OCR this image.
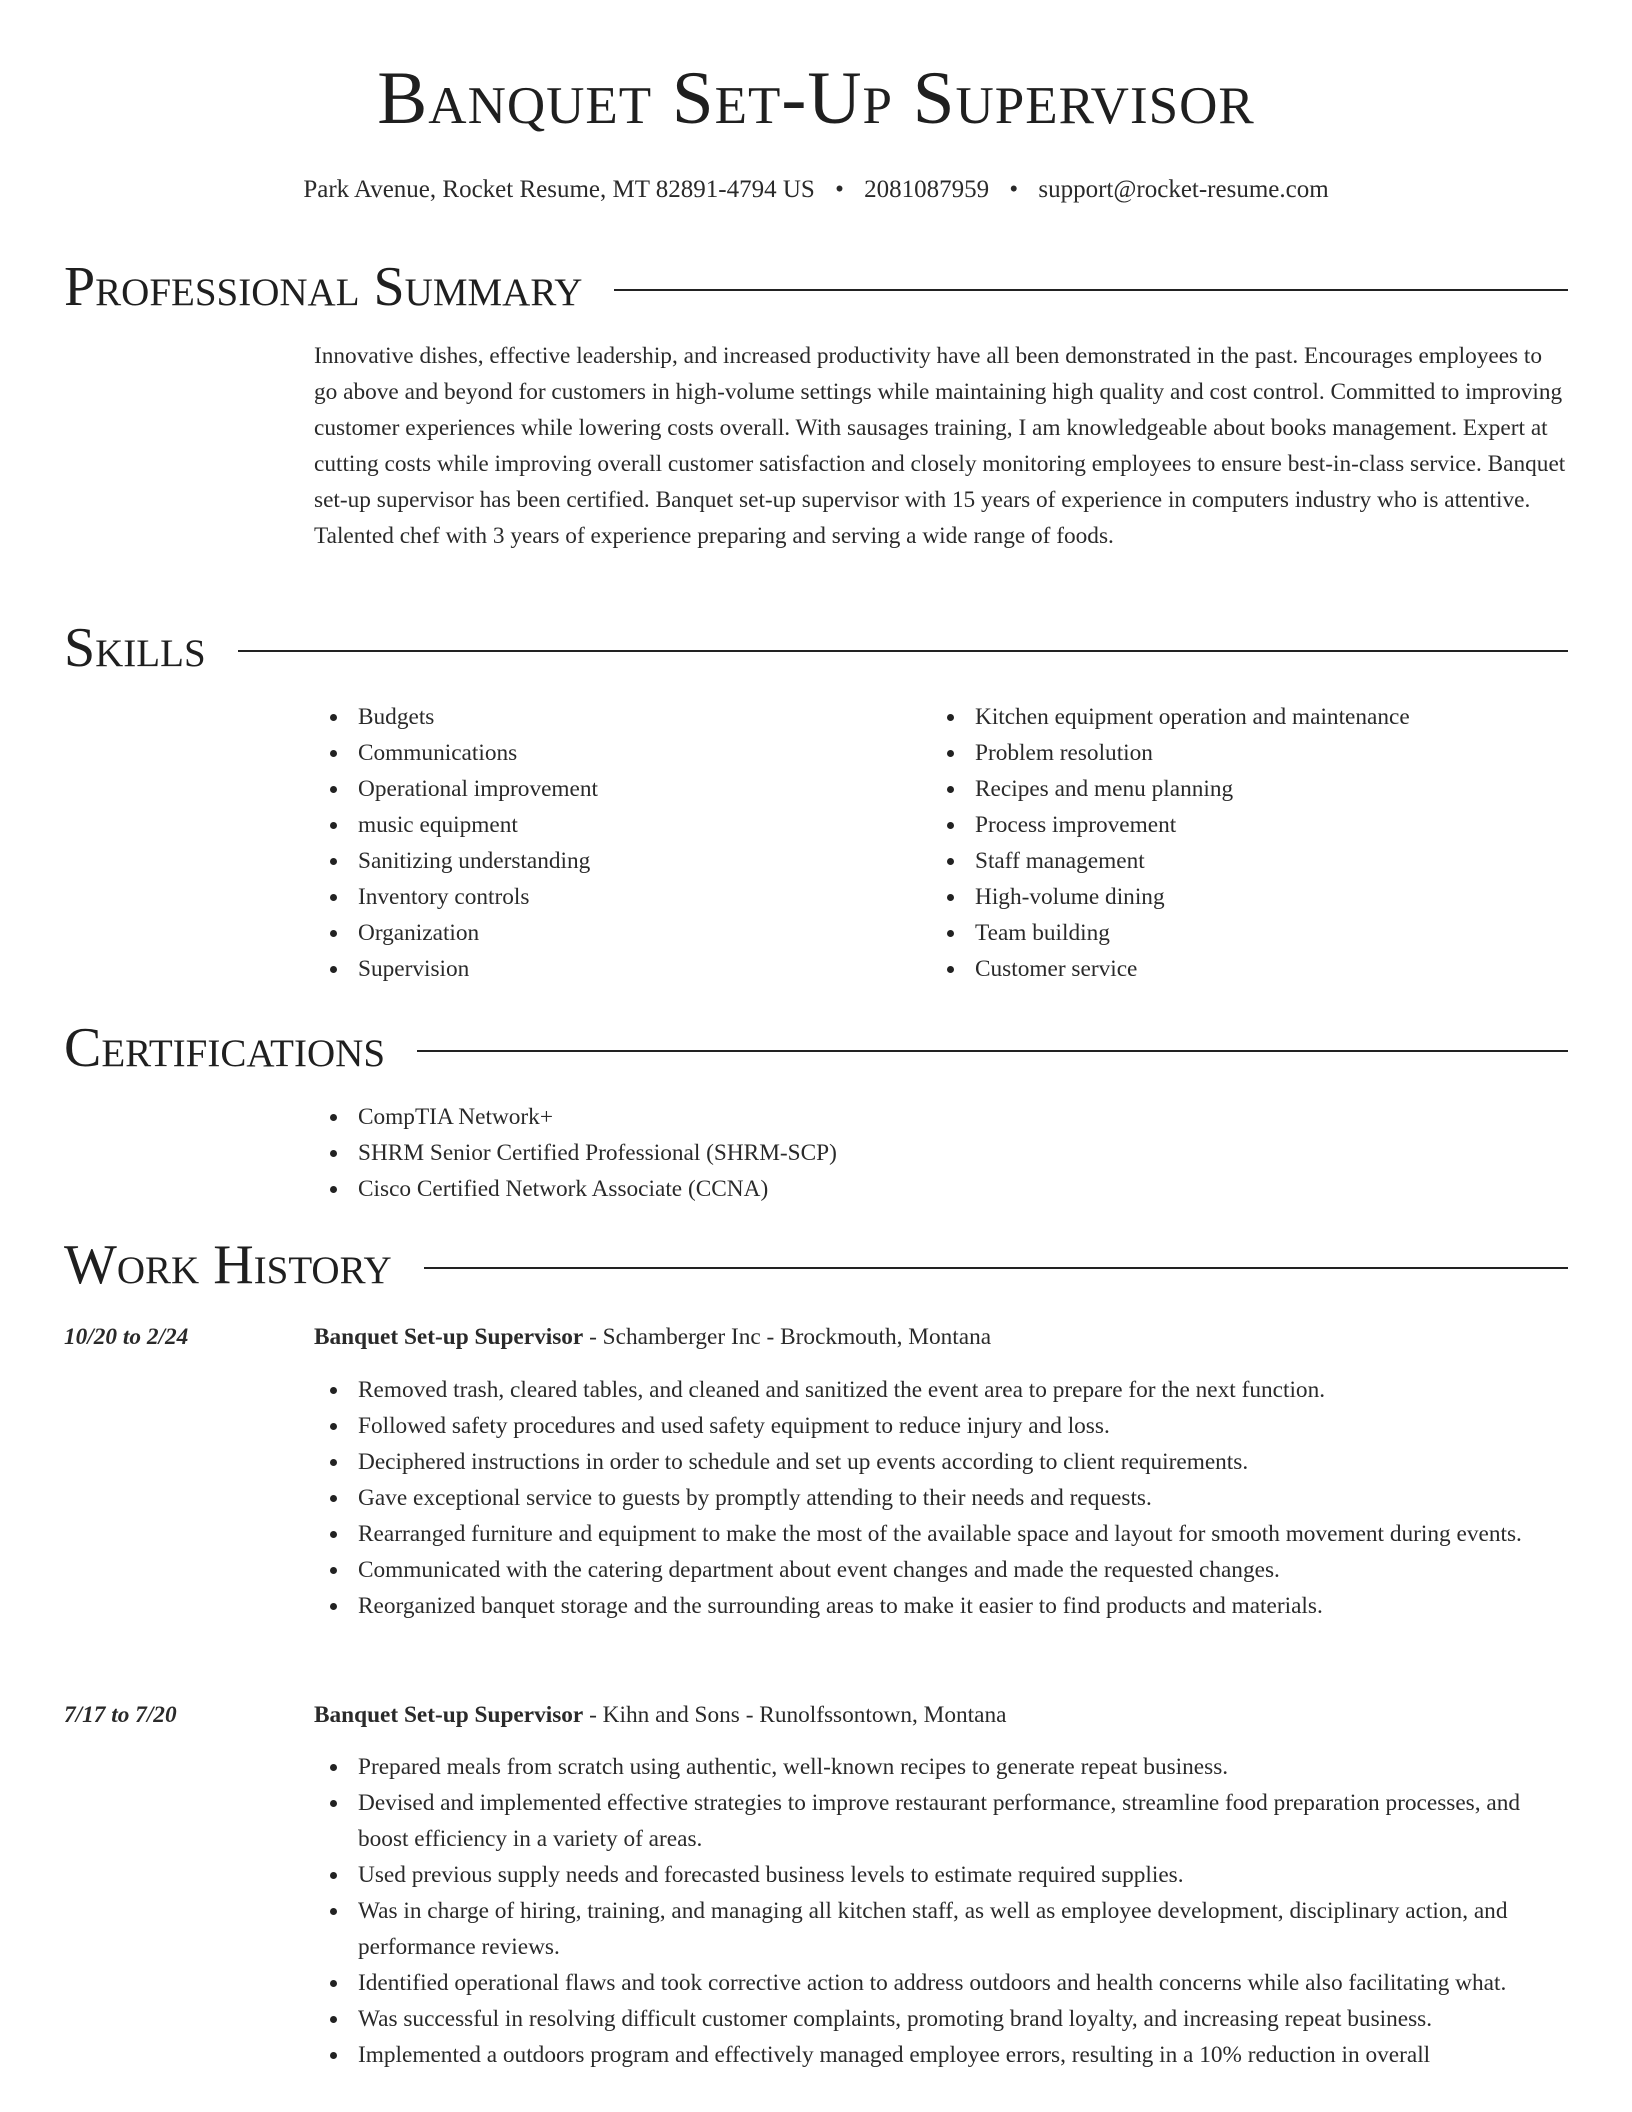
Banquet Set-Up Supervisor
Park Avenue, Rocket Resume, MT 82891-4794 US • 2081087959 • support@rocket-resume.com
Professional Summary

Innovative dishes, effective leadership, and increased productivity have all been demonstrated in the past. Encourages employees to go above and beyond for customers in high-volume settings while maintaining high quality and cost control. Committed to improving customer experiences while lowering costs overall. With sausages training, I am knowledgeable about books management. Expert at cutting costs while improving overall customer satisfaction and closely monitoring employees to ensure best-in-class service. Banquet set-up supervisor has been certified. Banquet set-up supervisor with 15 years of experience in computers industry who is attentive. Talented chef with 3 years of experience preparing and serving a wide range of foods.

Skills
Budgets
Communications
Operational improvement
music equipment
Sanitizing understanding
Inventory controls
Organization
Supervision
Kitchen equipment operation and maintenance
Problem resolution
Recipes and menu planning
Process improvement
Staff management
High-volume dining
Team building
Customer service
Certifications
CompTIA Network+
SHRM Senior Certified Professional (SHRM-SCP)
Cisco Certified Network Associate (CCNA)
Work History
10/20 to 2/24	Banquet Set-up Supervisor - Schamberger Inc - Brockmouth, Montana
Removed trash, cleared tables, and cleaned and sanitized the event area to prepare for the next function.
Followed safety procedures and used safety equipment to reduce injury and loss.
Deciphered instructions in order to schedule and set up events according to client requirements.
Gave exceptional service to guests by promptly attending to their needs and requests.
Rearranged furniture and equipment to make the most of the available space and layout for smooth movement during events.
Communicated with the catering department about event changes and made the requested changes.
Reorganized banquet storage and the surrounding areas to make it easier to find products and materials.
7/17 to 7/20	Banquet Set-up Supervisor - Kihn and Sons - Runolfssontown, Montana
Prepared meals from scratch using authentic, well-known recipes to generate repeat business.
Devised and implemented effective strategies to improve restaurant performance, streamline food preparation processes, and boost efficiency in a variety of areas.
Used previous supply needs and forecasted business levels to estimate required supplies.
Was in charge of hiring, training, and managing all kitchen staff, as well as employee development, disciplinary action, and performance reviews.
Identified operational flaws and took corrective action to address outdoors and health concerns while also facilitating what.
Was successful in resolving difficult customer complaints, promoting brand loyalty, and increasing repeat business.
Implemented a outdoors program and effectively managed employee errors, resulting in a 10% reduction in overall
